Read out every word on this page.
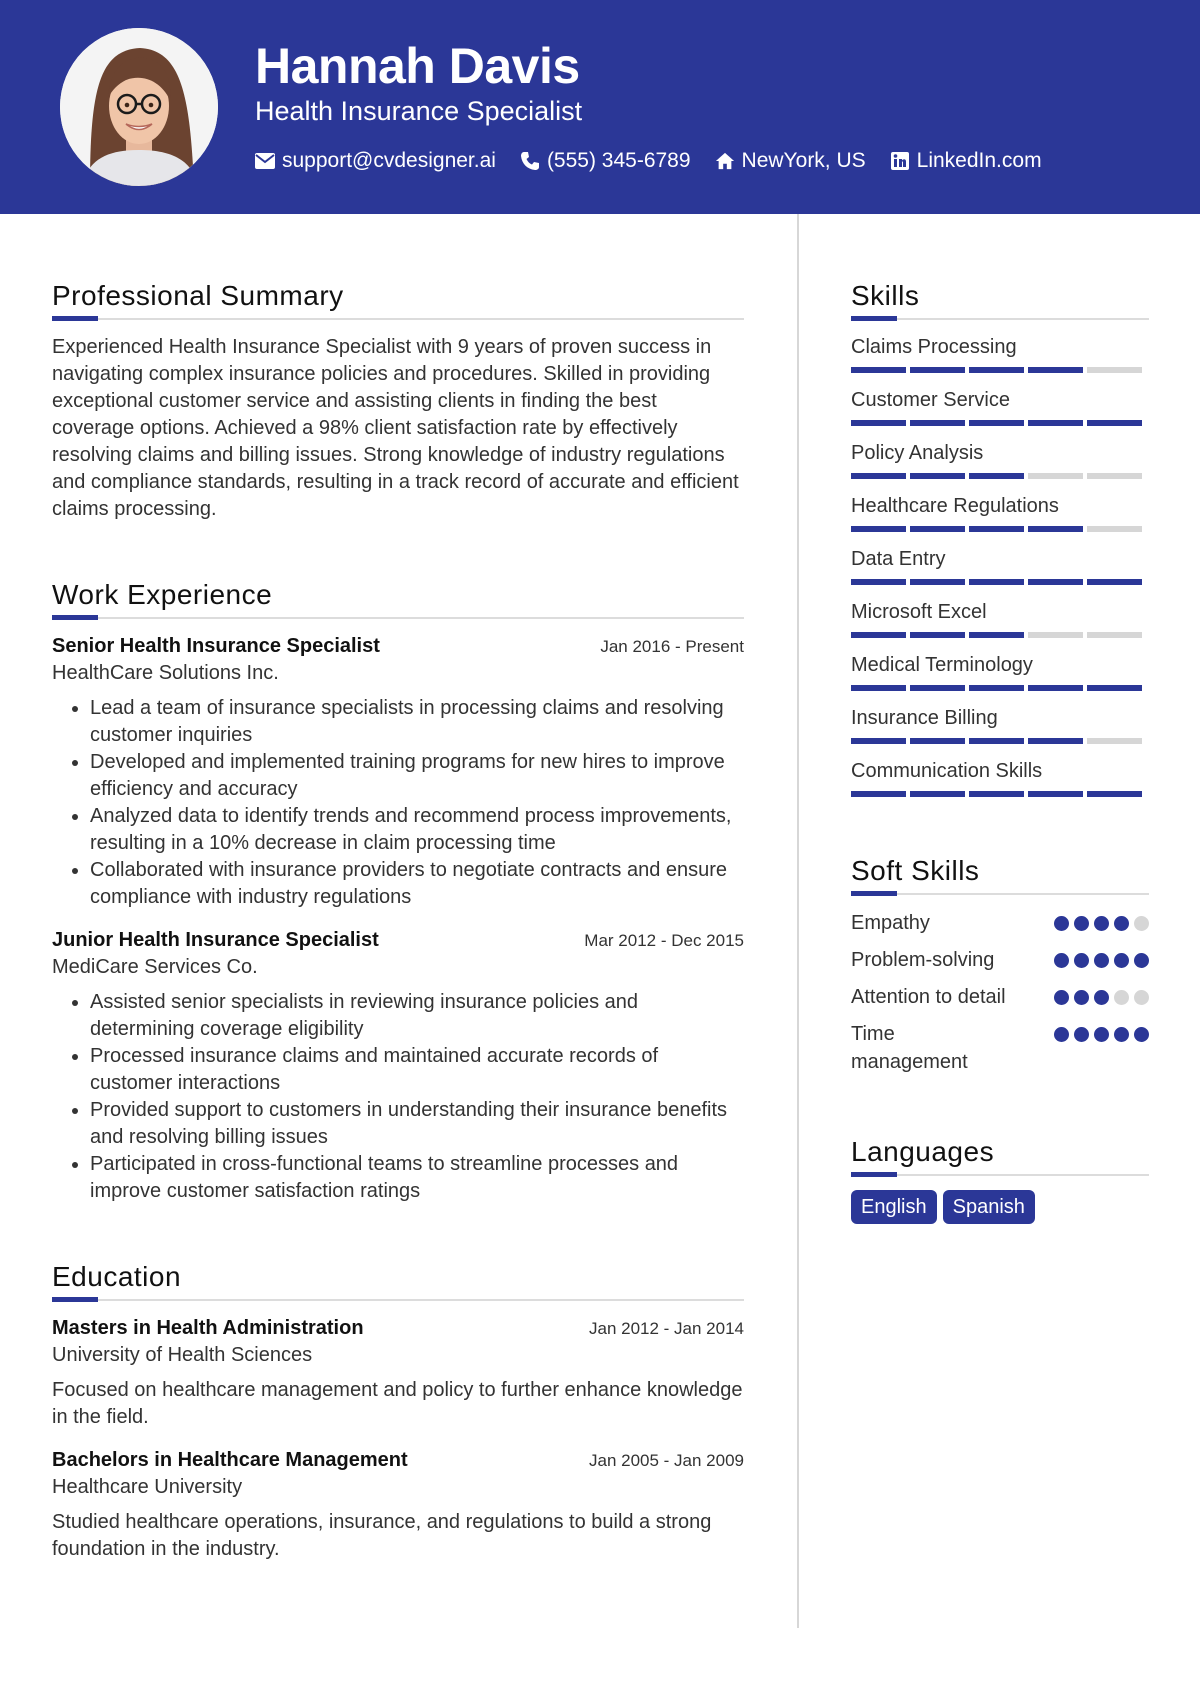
Hannah Davis
Health Insurance Specialist
support@cvdesigner.ai (555) 345-6789 NewYork, US LinkedIn.com
Professional Summary

Experienced Health Insurance Specialist with 9 years of proven success in navigating complex insurance policies and procedures. Skilled in providing exceptional customer service and assisting clients in finding the best coverage options. Achieved a 98% client satisfaction rate by effectively resolving claims and billing issues. Strong knowledge of industry regulations and compliance standards, resulting in a track record of accurate and efficient claims processing.

Work Experience
Senior Health Insurance Specialist	Jan 2016 - Present
HealthCare Solutions Inc.
• Lead a team of insurance specialists in processing claims and resolving customer inquiries
• Developed and implemented training programs for new hires to improve efficiency and accuracy
• Analyzed data to identify trends and recommend process improvements, resulting in a 10% decrease in claim processing time
• Collaborated with insurance providers to negotiate contracts and ensure compliance with industry regulations
Junior Health Insurance Specialist	Mar 2012 - Dec 2015
MediCare Services Co.
• Assisted senior specialists in reviewing insurance policies and determining coverage eligibility
• Processed insurance claims and maintained accurate records of customer interactions
• Provided support to customers in understanding their insurance benefits and resolving billing issues
• Participated in cross-functional teams to streamline processes and improve customer satisfaction ratings
Education
Masters in Health Administration	Jan 2012 - Jan 2014
University of Health Sciences
Focused on healthcare management and policy to further enhance knowledge in the field.
Bachelors in Healthcare Management	Jan 2005 - Jan 2009
Healthcare University
Studied healthcare operations, insurance, and regulations to build a strong foundation in the industry.
Skills
Claims Processing
Customer Service
Policy Analysis
Healthcare Regulations
Data Entry
Microsoft Excel
Medical Terminology
Insurance Billing
Communication Skills
Soft Skills
Empathy
Problem-solving
Attention to detail
Time management
Languages
English	Spanish
